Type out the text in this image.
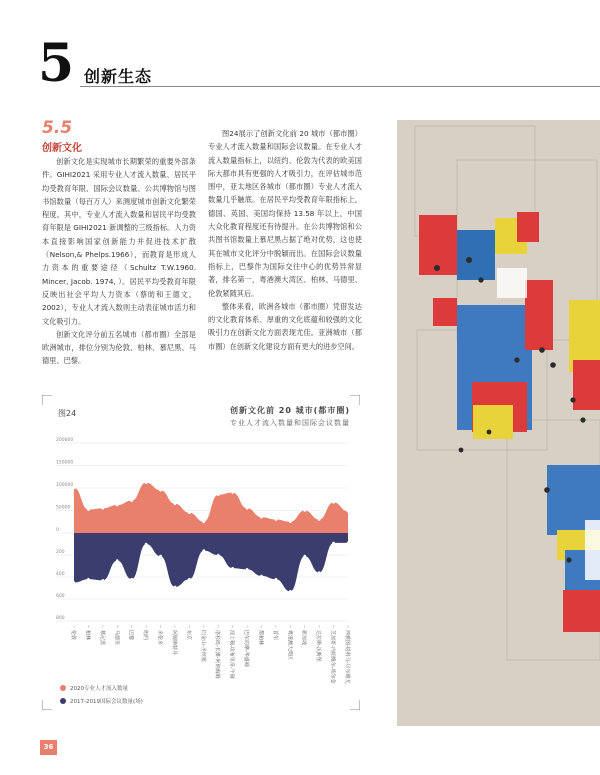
5 创新生态
5.5
创新文化

创新文化是实现城市长期繁荣的重要外部条件。GIHI2021 采用专业人才流入数量、居民平均受教育年限、国际会议数量、公共博物馆与图书馆数量（每百万人）来测度城市创新文化繁荣程度。其中，专业人才流入数量和居民平均受教育年限是 GIHI2021 新调整的三级指标。人力资本直接影响国家创新能力并促进技术扩散（Nelson,& Phelps.1966），而教育是形成人力资本的重要途径（Schultz T.W.1960. Mincer, Jacob. 1974, ）。居民平均受教育年限反映出社会平均人力资本（蔡昉和王德文，2002），专业人才流入数则主动表征城市活力和文化吸引力。

创新文化评分前五名城市（都市圈）全部是欧洲城市，排位分别为伦敦、柏林、慕尼黑、马德里、巴黎。

图24展示了创新文化前 20 城市（都市圈）专业人才流入数量和国际会议数量。在专业人才流入数量指标上，以纽约、伦敦为代表的欧美国际大都市具有更强的人才吸引力，在评估城市范围中，亚太地区各城市（都市圈）专业人才流入数量几乎触底。在居民平均受教育年限指标上，德国、英国、美国均保持 13.58 年以上，中国大众化教育程度还有待提升。在公共博物馆和公共图书馆数量上慕尼黑占据了绝对优势，这也使其在城市文化评分中脱颖而出。在国际会议数量指标上，巴黎作为国际交往中心的优势异常显著，排名第一，粤港澳大湾区、柏林、马德里、伦敦紧随其后。

整体来看，欧洲各城市（都市圈）凭借发达的文化教育体系、厚重的文化底蕴和较强的文化吸引力在创新文化方面表现尤佳。亚洲城市（都市圈）在创新文化建设方面有更大的进步空间。

图24	创新文化前 20 城市(都市圈)
专业人才流入数量和国际会议数量
200000
150000
100000
50000
0
200
400
600
800
伦敦 柏林 慕尼黑 马德里 巴黎 纽约 多伦多 阿姆斯特丹 东京 旧金山-圣何塞 洛杉矶-长滩-阿纳海姆 波士顿-坎布里奇-牛顿 巴尔的摩-华盛顿 都柏林 首尔 粤港澳大湾区 新加坡 达拉斯-沃斯堡 芝加哥-内珀维尔-埃尔金 西雅图-塔科马-贝尔维尤
2020专业人才流入数量
2017-2019国际会议数量(场)
36
